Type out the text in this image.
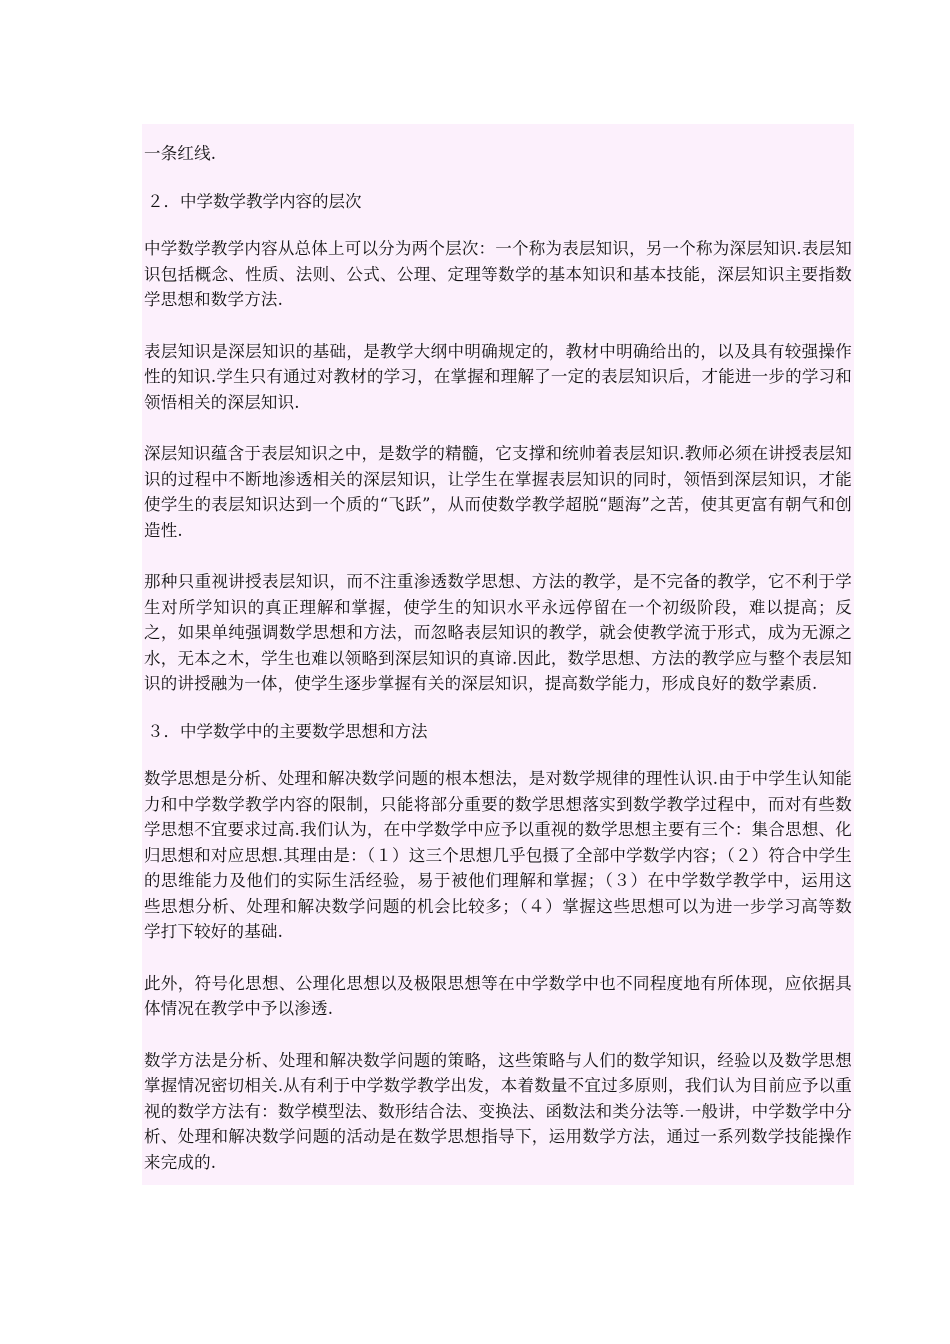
一条红线.

２．中学数学教学内容的层次

中学数学教学内容从总体上可以分为两个层次：一个称为表层知识，另一个称为深层知识.表层知识包括概念、性质、法则、公式、公理、定理等数学的基本知识和基本技能，深层知识主要指数学思想和数学方法.

表层知识是深层知识的基础，是教学大纲中明确规定的，教材中明确给出的，以及具有较强操作性的知识.学生只有通过对教材的学习，在掌握和理解了一定的表层知识后，才能进一步的学习和领悟相关的深层知识.

深层知识蕴含于表层知识之中，是数学的精髓，它支撑和统帅着表层知识.教师必须在讲授表层知识的过程中不断地渗透相关的深层知识，让学生在掌握表层知识的同时，领悟到深层知识，才能使学生的表层知识达到一个质的“飞跃”，从而使数学教学超脱“题海”之苦，使其更富有朝气和创造性.

那种只重视讲授表层知识，而不注重渗透数学思想、方法的教学，是不完备的教学，它不利于学生对所学知识的真正理解和掌握，使学生的知识水平永远停留在一个初级阶段，难以提高；反之，如果单纯强调数学思想和方法，而忽略表层知识的教学，就会使教学流于形式，成为无源之水，无本之木，学生也难以领略到深层知识的真谛.因此，数学思想、方法的教学应与整个表层知识的讲授融为一体，使学生逐步掌握有关的深层知识，提高数学能力，形成良好的数学素质.

３．中学数学中的主要数学思想和方法

数学思想是分析、处理和解决数学问题的根本想法，是对数学规律的理性认识.由于中学生认知能力和中学数学教学内容的限制，只能将部分重要的数学思想落实到数学教学过程中，而对有些数学思想不宜要求过高.我们认为，在中学数学中应予以重视的数学思想主要有三个：集合思想、化归思想和对应思想.其理由是：（１）这三个思想几乎包摄了全部中学数学内容；（２）符合中学生的思维能力及他们的实际生活经验，易于被他们理解和掌握；（３）在中学数学教学中，运用这些思想分析、处理和解决数学问题的机会比较多；（４）掌握这些思想可以为进一步学习高等数学打下较好的基础.

此外，符号化思想、公理化思想以及极限思想等在中学数学中也不同程度地有所体现，应依据具体情况在教学中予以渗透.

数学方法是分析、处理和解决数学问题的策略，这些策略与人们的数学知识，经验以及数学思想掌握情况密切相关.从有利于中学数学教学出发，本着数量不宜过多原则，我们认为目前应予以重视的数学方法有：数学模型法、数形结合法、变换法、函数法和类分法等.一般讲，中学数学中分析、处理和解决数学问题的活动是在数学思想指导下，运用数学方法，通过一系列数学技能操作来完成的.
